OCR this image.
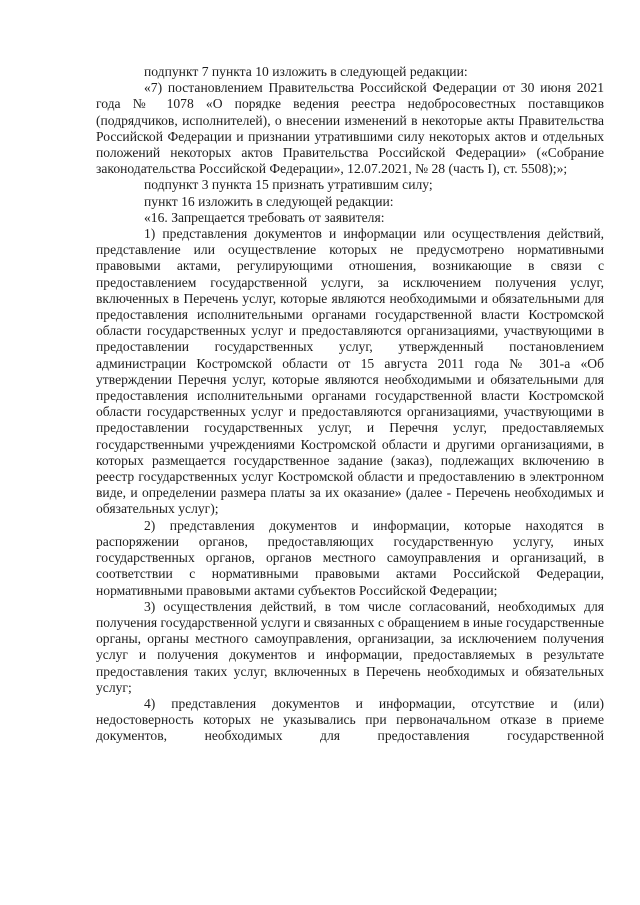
подпункт 7 пункта 10 изложить в следующей редакции:

«7) постановлением Правительства Российской Федерации от 30 июня 2021 года № 1078 «О порядке ведения реестра недобросовестных поставщиков (подрядчиков, исполнителей), о внесении изменений в некоторые акты Правительства Российской Федерации и признании утратившими силу некоторых актов и отдельных положений некоторых актов Правительства Российской Федерации» («Собрание законодательства Российской Федерации», 12.07.2021, № 28 (часть I), ст. 5508);»;

подпункт 3 пункта 15 признать утратившим силу;

пункт 16 изложить в следующей редакции:

«16. Запрещается требовать от заявителя:

1) представления документов и информации или осуществления действий, представление или осуществление которых не предусмотрено нормативными правовыми актами, регулирующими отношения, возникающие в связи с предоставлением государственной услуги, за исключением получения услуг, включенных в Перечень услуг, которые являются необходимыми и обязательными для предоставления исполнительными органами государственной власти Костромской области государственных услуг и предоставляются организациями, участвующими в предоставлении государственных услуг, утвержденный постановлением администрации Костромской области от 15 августа 2011 года № 301-а «Об утверждении Перечня услуг, которые являются необходимыми и обязательными для предоставления исполнительными органами государственной власти Костромской области государственных услуг и предоставляются организациями, участвующими в предоставлении государственных услуг, и Перечня услуг, предоставляемых государственными учреждениями Костромской области и другими организациями, в которых размещается государственное задание (заказ), подлежащих включению в реестр государственных услуг Костромской области и предоставлению в электронном виде, и определении размера платы за их оказание» (далее - Перечень необходимых и обязательных услуг);

2) представления документов и информации, которые находятся в распоряжении органов, предоставляющих государственную услугу, иных государственных органов, органов местного самоуправления и организаций, в соответствии с нормативными правовыми актами Российской Федерации, нормативными правовыми актами субъектов Российской Федерации;

3) осуществления действий, в том числе согласований, необходимых для получения государственной услуги и связанных с обращением в иные государственные органы, органы местного самоуправления, организации, за исключением получения услуг и получения документов и информации, предоставляемых в результате предоставления таких услуг, включенных в Перечень необходимых и обязательных услуг;

4) представления документов и информации, отсутствие и (или) недостоверность которых не указывались при первоначальном отказе в приеме документов, необходимых для предоставления государственной
